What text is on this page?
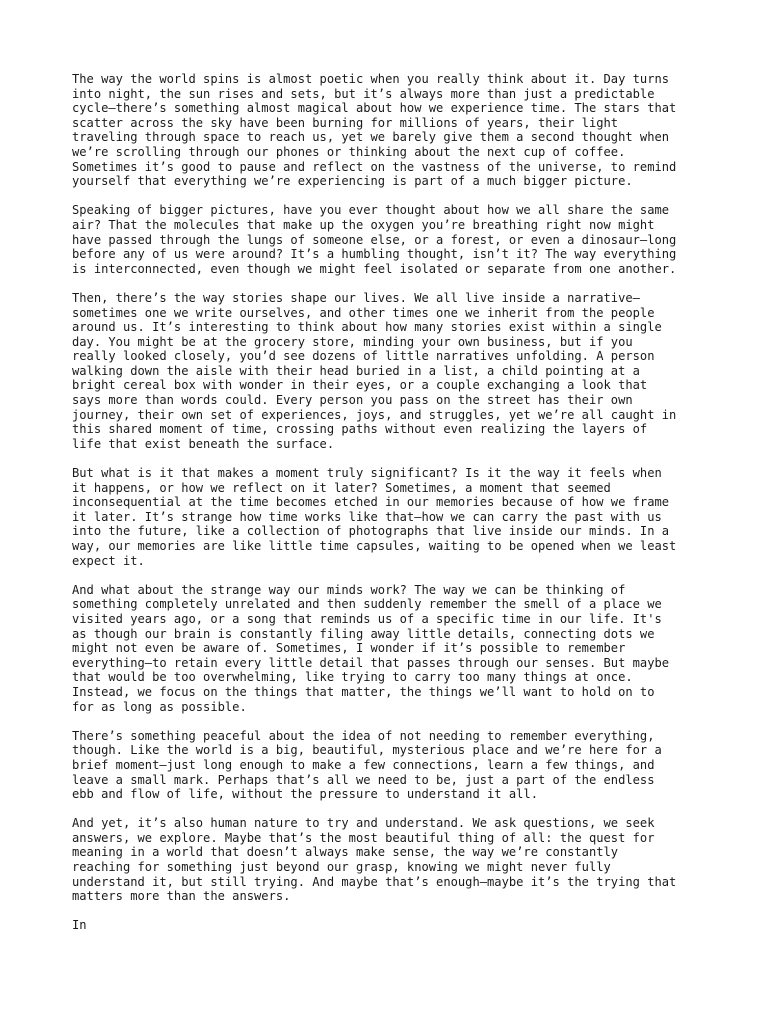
The way the world spins is almost poetic when you really think about it. Day turns
into night, the sun rises and sets, but it’s always more than just a predictable
cycle—there’s something almost magical about how we experience time. The stars that
scatter across the sky have been burning for millions of years, their light
traveling through space to reach us, yet we barely give them a second thought when
we’re scrolling through our phones or thinking about the next cup of coffee.
Sometimes it’s good to pause and reflect on the vastness of the universe, to remind
yourself that everything we’re experiencing is part of a much bigger picture.

Speaking of bigger pictures, have you ever thought about how we all share the same
air? That the molecules that make up the oxygen you’re breathing right now might
have passed through the lungs of someone else, or a forest, or even a dinosaur—long
before any of us were around? It’s a humbling thought, isn’t it? The way everything
is interconnected, even though we might feel isolated or separate from one another.

Then, there’s the way stories shape our lives. We all live inside a narrative—
sometimes one we write ourselves, and other times one we inherit from the people
around us. It’s interesting to think about how many stories exist within a single
day. You might be at the grocery store, minding your own business, but if you
really looked closely, you’d see dozens of little narratives unfolding. A person
walking down the aisle with their head buried in a list, a child pointing at a
bright cereal box with wonder in their eyes, or a couple exchanging a look that
says more than words could. Every person you pass on the street has their own
journey, their own set of experiences, joys, and struggles, yet we’re all caught in
this shared moment of time, crossing paths without even realizing the layers of
life that exist beneath the surface.

But what is it that makes a moment truly significant? Is it the way it feels when
it happens, or how we reflect on it later? Sometimes, a moment that seemed
inconsequential at the time becomes etched in our memories because of how we frame
it later. It’s strange how time works like that—how we can carry the past with us
into the future, like a collection of photographs that live inside our minds. In a
way, our memories are like little time capsules, waiting to be opened when we least
expect it.

And what about the strange way our minds work? The way we can be thinking of
something completely unrelated and then suddenly remember the smell of a place we
visited years ago, or a song that reminds us of a specific time in our life. It's
as though our brain is constantly filing away little details, connecting dots we
might not even be aware of. Sometimes, I wonder if it’s possible to remember
everything—to retain every little detail that passes through our senses. But maybe
that would be too overwhelming, like trying to carry too many things at once.
Instead, we focus on the things that matter, the things we’ll want to hold on to
for as long as possible.

There’s something peaceful about the idea of not needing to remember everything,
though. Like the world is a big, beautiful, mysterious place and we’re here for a
brief moment—just long enough to make a few connections, learn a few things, and
leave a small mark. Perhaps that’s all we need to be, just a part of the endless
ebb and flow of life, without the pressure to understand it all.

And yet, it’s also human nature to try and understand. We ask questions, we seek
answers, we explore. Maybe that’s the most beautiful thing of all: the quest for
meaning in a world that doesn’t always make sense, the way we’re constantly
reaching for something just beyond our grasp, knowing we might never fully
understand it, but still trying. And maybe that’s enough—maybe it’s the trying that
matters more than the answers.

In
